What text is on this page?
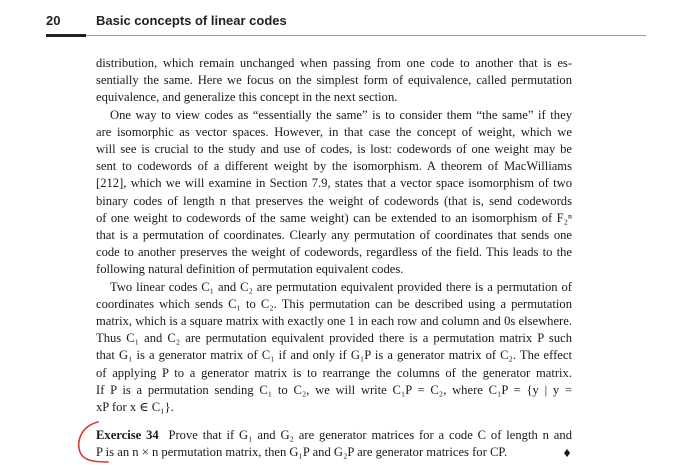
20	Basic concepts of linear codes

distribution, which remain unchanged when passing from one code to another that is es-
sentially the same. Here we focus on the simplest form of equivalence, called permutation
equivalence, and generalize this concept in the next section.

One way to view codes as “essentially the same” is to consider them “the same” if they
are isomorphic as vector spaces. However, in that case the concept of weight, which we
will see is crucial to the study and use of codes, is lost: codewords of one weight may be
sent to codewords of a different weight by the isomorphism. A theorem of MacWilliams
[212], which we will examine in Section 7.9, states that a vector space isomorphism of two
binary codes of length n that preserves the weight of codewords (that is, send codewords
of one weight to codewords of the same weight) can be extended to an isomorphism of F₂ⁿ
that is a permutation of coordinates. Clearly any permutation of coordinates that sends one
code to another preserves the weight of codewords, regardless of the field. This leads to the
following natural definition of permutation equivalent codes.

Two linear codes C₁ and C₂ are permutation equivalent provided there is a permutation of
coordinates which sends C₁ to C₂. This permutation can be described using a permutation
matrix, which is a square matrix with exactly one 1 in each row and column and 0s elsewhere.
Thus C₁ and C₂ are permutation equivalent provided there is a permutation matrix P such
that G₁ is a generator matrix of C₁ if and only if G₁P is a generator matrix of C₂. The effect
of applying P to a generator matrix is to rearrange the columns of the generator matrix.
If P is a permutation sending C₁ to C₂, we will write C₁P = C₂, where C₁P = {y | y =
xP for x ∈ C₁}.

Exercise 34 Prove that if G₁ and G₂ are generator matrices for a code C of length n and
P is an n × n permutation matrix, then G₁P and G₂P are generator matrices for CP.	♦
